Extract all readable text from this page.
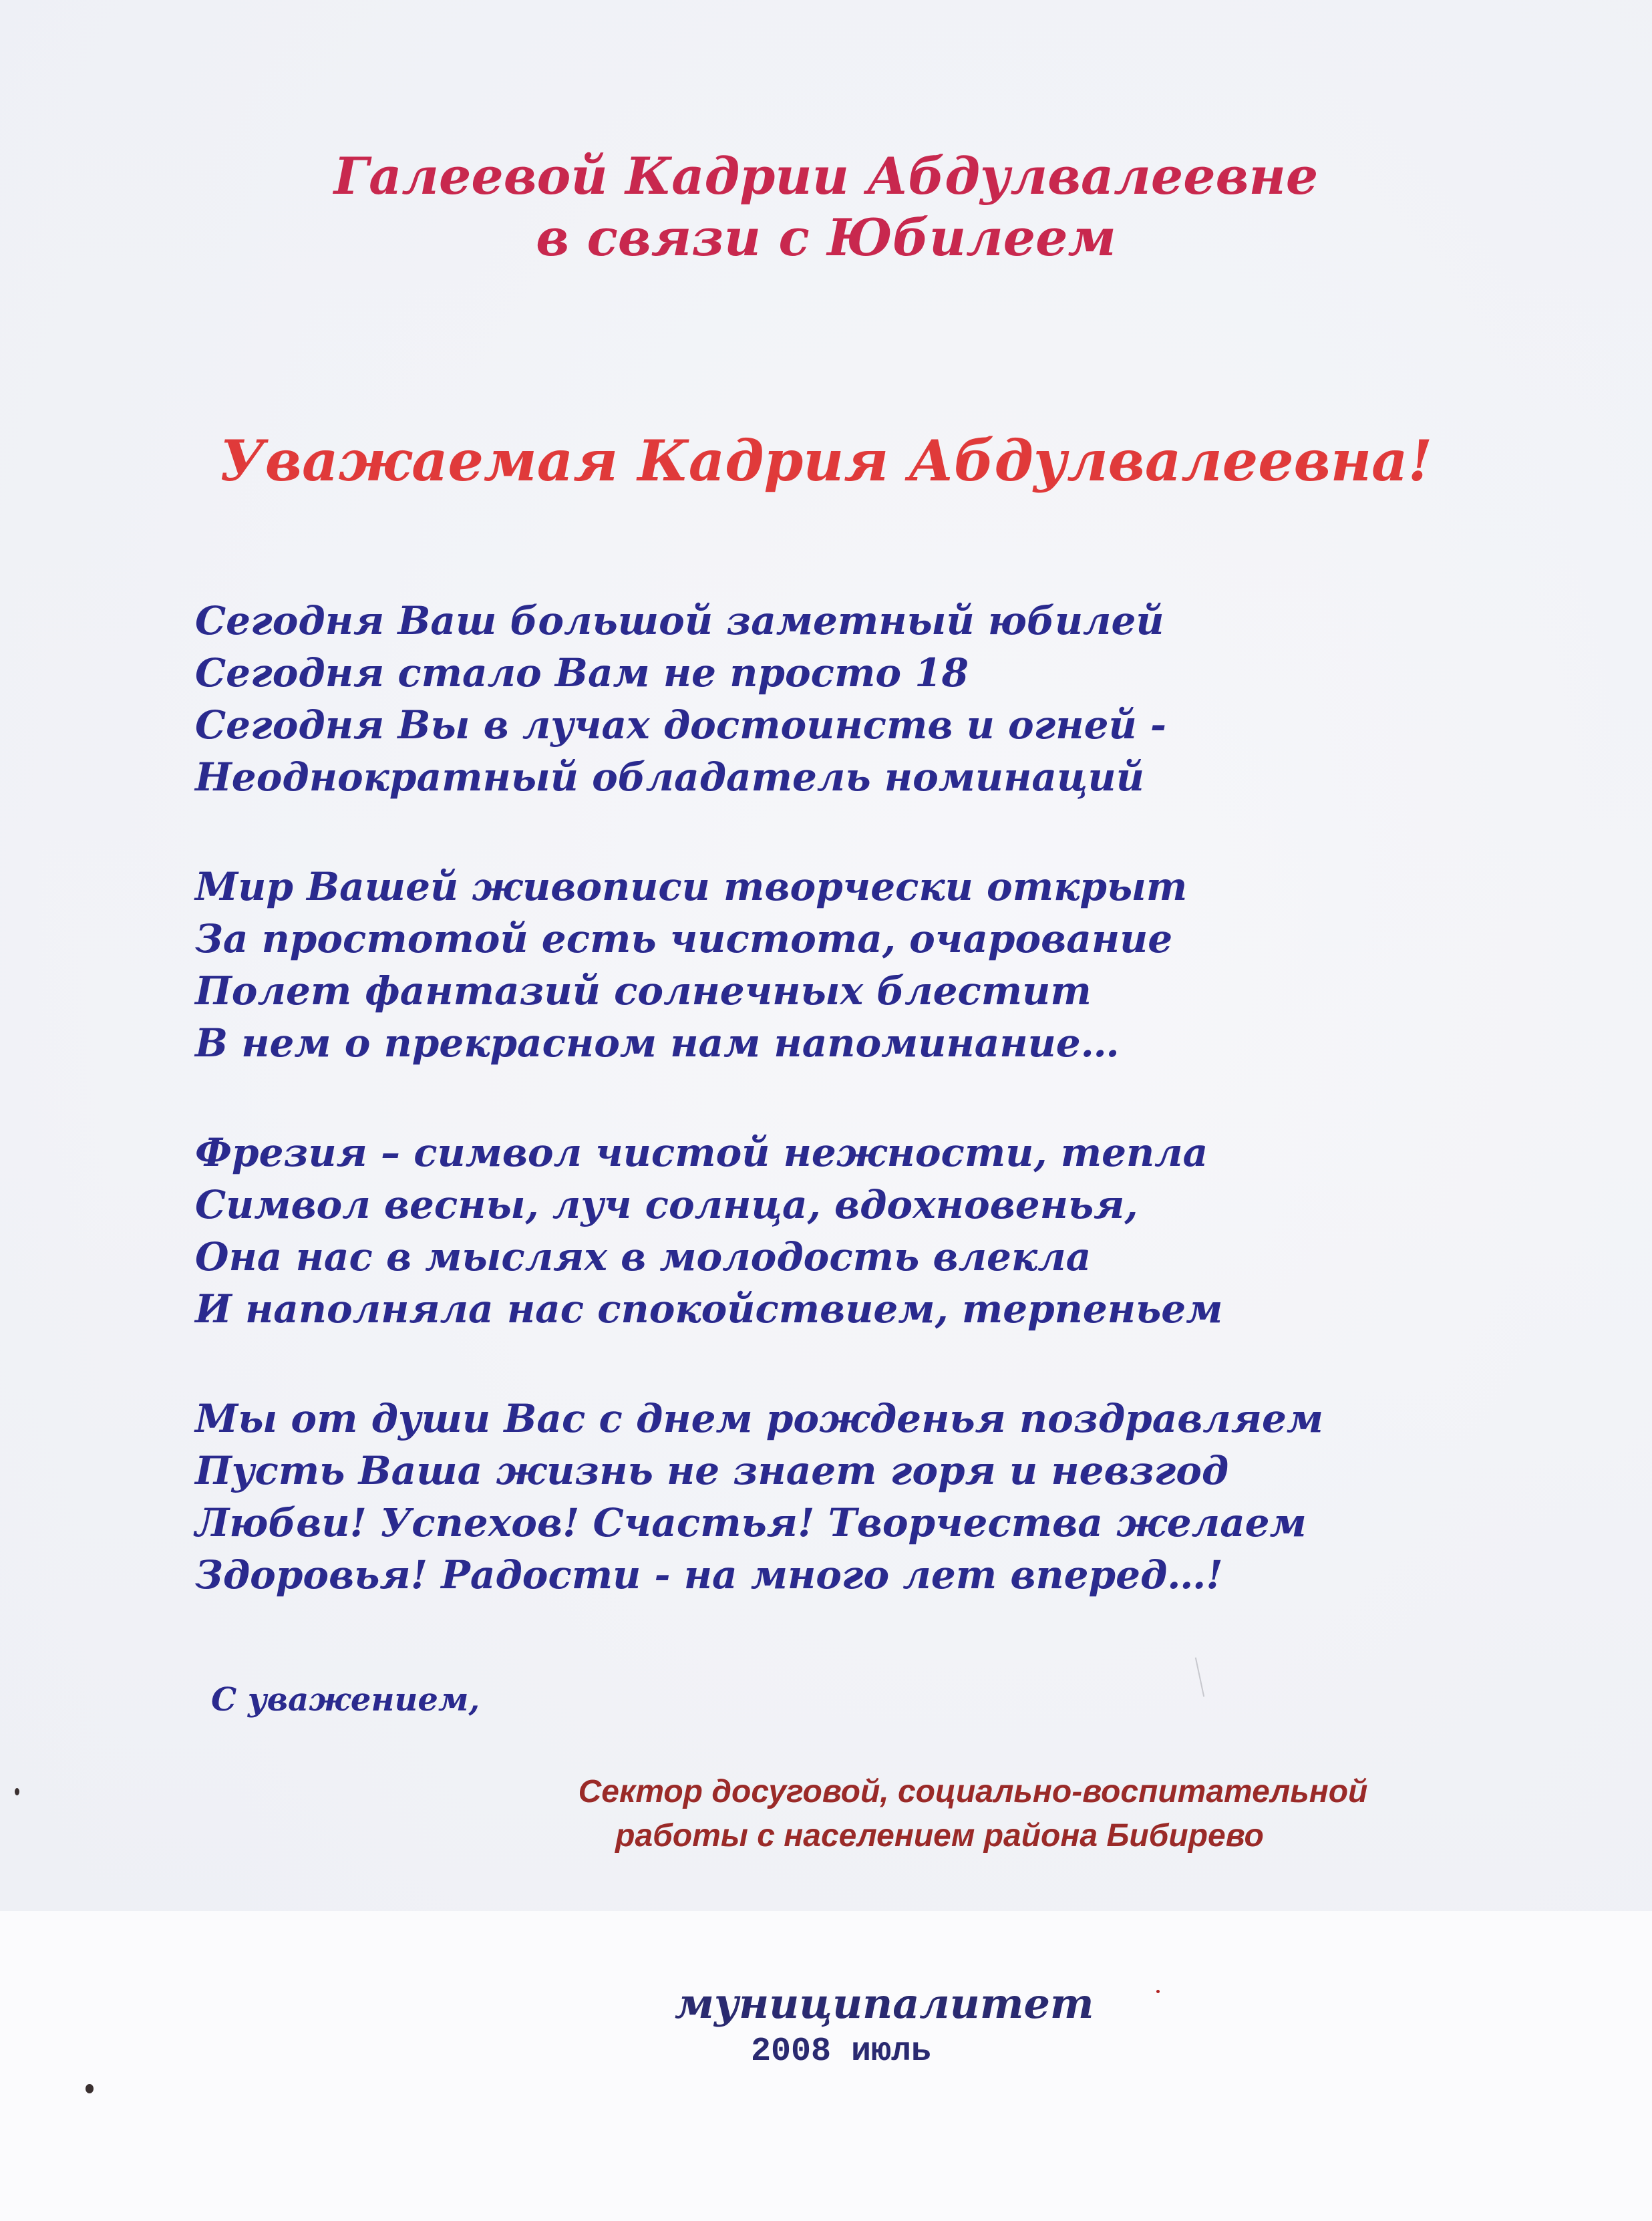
Галеевой Кадрии Абдулвалеевне
в связи с Юбилеем
Уважаемая Кадрия Абдулвалеевна!
Сегодня Ваш большой заметный юбилей
Сегодня стало Вам не просто 18
Сегодня Вы в лучах достоинств и огней -
Неоднократный обладатель номинаций
Мир Вашей живописи творчески открыт
За простотой есть чистота, очарование
Полет фантазий солнечных блестит
В нем о прекрасном нам напоминание…
Фрезия – символ чистой нежности, тепла
Символ весны, луч солнца, вдохновенья,
Она нас в мыслях в молодость влекла
И наполняла нас спокойствием, терпеньем
Мы от души Вас с днем рожденья поздравляем
Пусть Ваша жизнь не знает горя и невзгод
Любви! Успехов! Счастья! Творчества желаем
Здоровья! Радости - на много лет вперед…!
С уважением,
Сектор досуговой, социально-воспитательной
работы с населением района Бибирево
муниципалитет
2008 июль
